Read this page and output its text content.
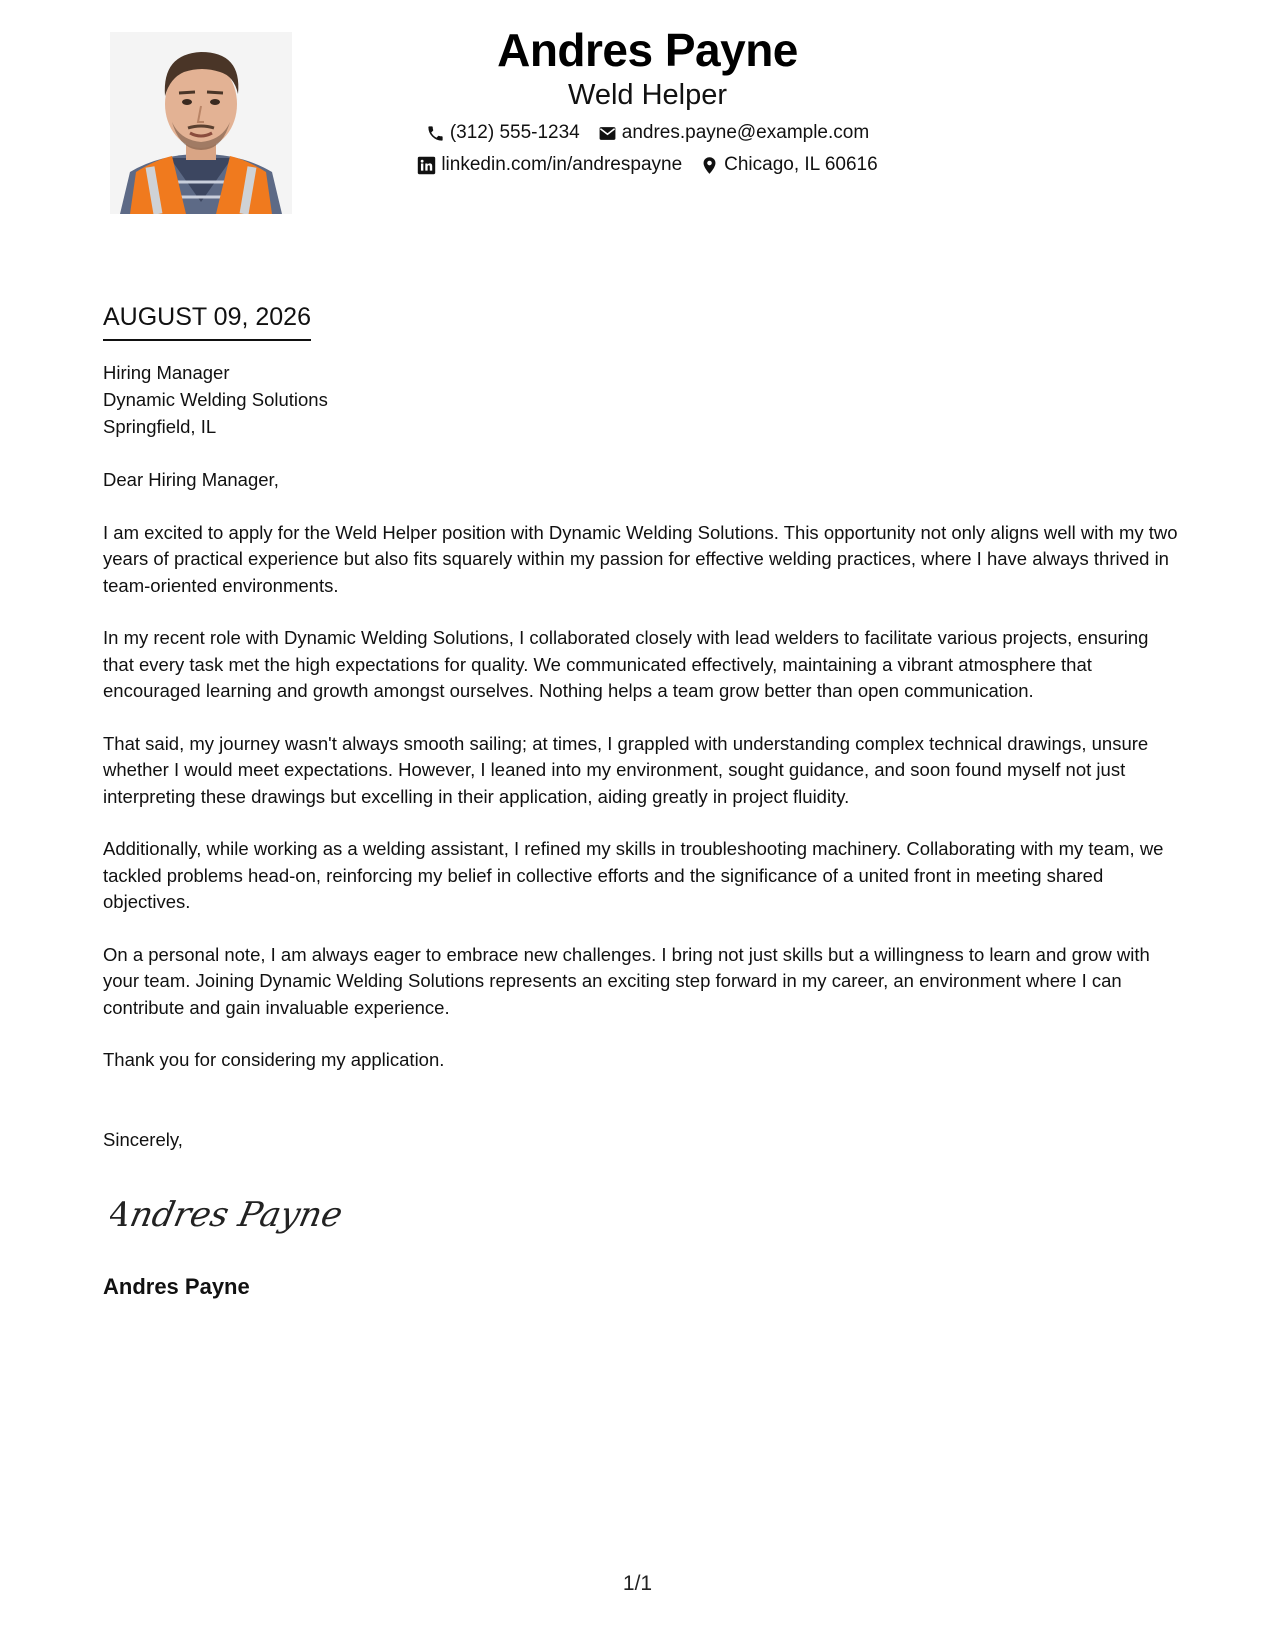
Andres Payne
Weld Helper
(312) 555-1234 andres.payne@example.com
linkedin.com/in/andrespayne Chicago, IL 60616
AUGUST 09, 2026
Hiring Manager
Dynamic Welding Solutions
Springfield, IL

Dear Hiring Manager,

I am excited to apply for the Weld Helper position with Dynamic Welding Solutions. This opportunity not only aligns well with my two years of practical experience but also fits squarely within my passion for effective welding practices, where I have always thrived in team-oriented environments.

In my recent role with Dynamic Welding Solutions, I collaborated closely with lead welders to facilitate various projects, ensuring that every task met the high expectations for quality. We communicated effectively, maintaining a vibrant atmosphere that encouraged learning and growth amongst ourselves. Nothing helps a team grow better than open communication.

That said, my journey wasn't always smooth sailing; at times, I grappled with understanding complex technical drawings, unsure whether I would meet expectations. However, I leaned into my environment, sought guidance, and soon found myself not just interpreting these drawings but excelling in their application, aiding greatly in project fluidity.

Additionally, while working as a welding assistant, I refined my skills in troubleshooting machinery. Collaborating with my team, we tackled problems head-on, reinforcing my belief in collective efforts and the significance of a united front in meeting shared objectives.

On a personal note, I am always eager to embrace new challenges. I bring not just skills but a willingness to learn and grow with your team. Joining Dynamic Welding Solutions represents an exciting step forward in my career, an environment where I can contribute and gain invaluable experience.

Thank you for considering my application.

Sincerely,
Andres Payne
Andres Payne
1/1
